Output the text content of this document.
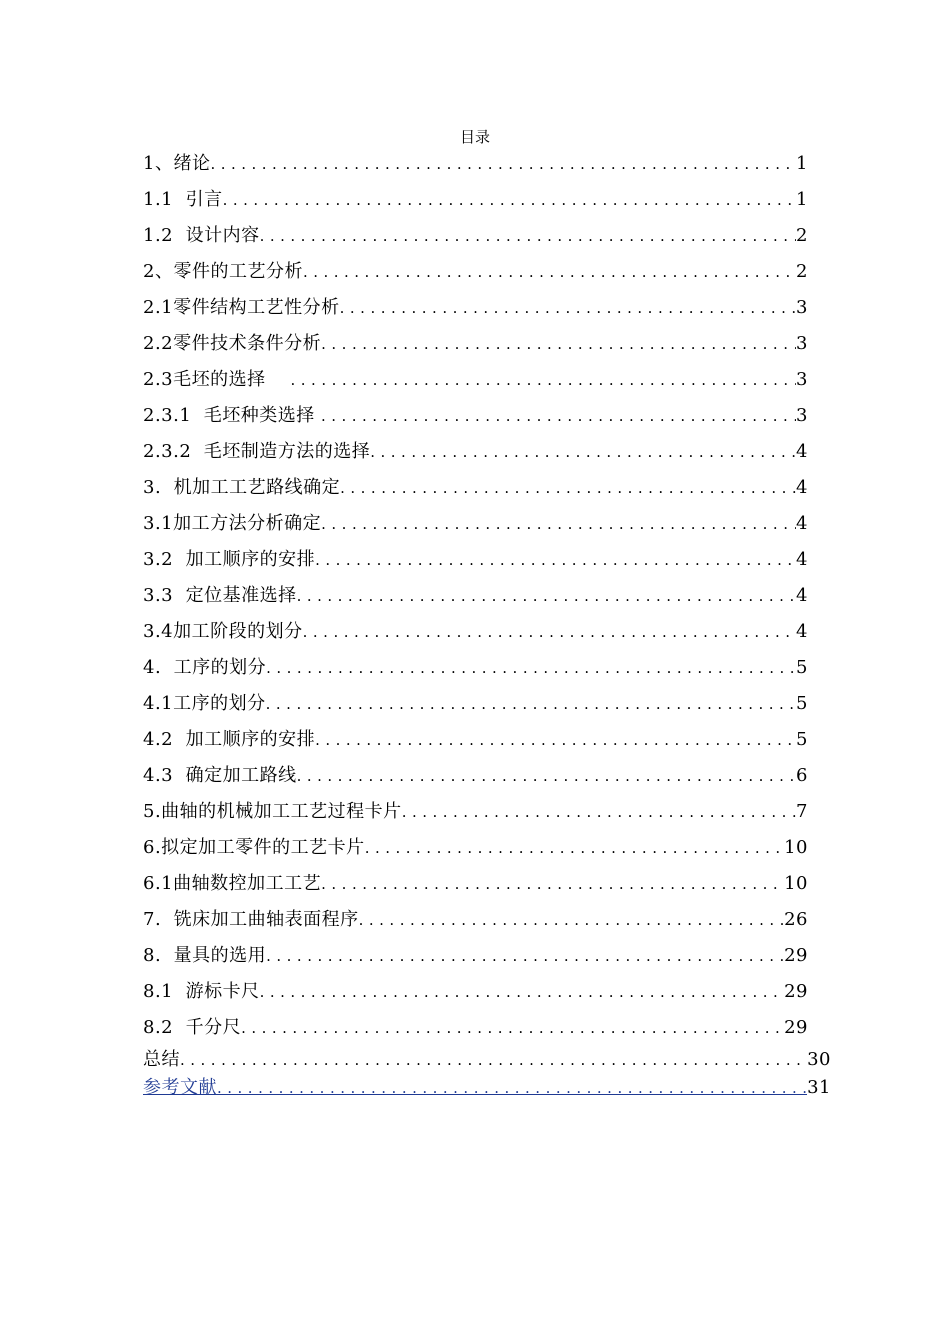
目录
1、绪论 .....	1
1.1  引言 .....	1
1.2  设计内容 .....	2
2、零件的工艺分析 .....	2
2.1零件结构工艺性分析 .....	3
2.2零件技术条件分析 .....	3
2.3毛坯的选择 .....	3
2.3.1  毛坯种类选择 .....	3
2.3.2  毛坯制造方法的选择 .....	4
3.  机加工工艺路线确定 .....	4
3.1加工方法分析确定 .....	4
3.2  加工顺序的安排 .....	4
3.3  定位基准选择 .....	4
3.4加工阶段的划分 .....	4
4.  工序的划分 .....	5
4.1工序的划分 .....	5
4.2  加工顺序的安排 .....	5
4.3  确定加工路线 .....	6
5.曲轴的机械加工工艺过程卡片 .....	7
6.拟定加工零件的工艺卡片 .....	10
6.1曲轴数控加工工艺 .....	10
7.  铣床加工曲轴表面程序 .....	26
8.  量具的选用 .....	29
8.1  游标卡尺 .....	29
8.2  千分尺 .....	29
总结 .....	30
参考文献 .....	31
